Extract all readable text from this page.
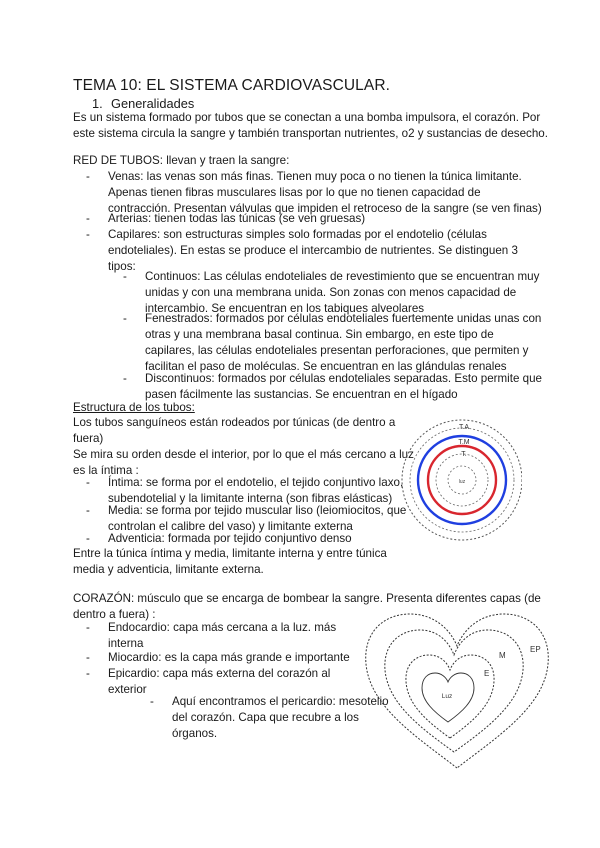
TEMA 10: EL SISTEMA CARDIOVASCULAR.
1. Generalidades
Es un sistema formado por tubos que se conectan a una bomba impulsora, el corazón. Por
este sistema circula la sangre y también transportan nutrientes, o2 y sustancias de desecho.
RED DE TUBOS: llevan y traen la sangre:
- Venas: las venas son más finas. Tienen muy poca o no tienen la túnica limitante.
Apenas tienen fibras musculares lisas por lo que no tienen capacidad de
contracción. Presentan válvulas que impiden el retroceso de la sangre (se ven finas)
- Arterias: tienen todas las túnicas (se ven gruesas)
- Capilares: son estructuras simples solo formadas por el endotelio (células
endoteliales). En estas se produce el intercambio de nutrientes. Se distinguen 3
tipos:
- Continuos: Las células endoteliales de revestimiento que se encuentran muy
unidas y con una membrana unida. Son zonas con menos capacidad de
intercambio. Se encuentran en los tabiques alveolares
- Fenestrados: formados por células endoteliales fuertemente unidas unas con
otras y una membrana basal continua. Sin embargo, en este tipo de
capilares, las células endoteliales presentan perforaciones, que permiten y
facilitan el paso de moléculas. Se encuentran en las glándulas renales
- Discontinuos: formados por células endoteliales separadas. Esto permite que
pasen fácilmente las sustancias. Se encuentran en el hígado
Estructura de los tubos:
Los tubos sanguíneos están rodeados por túnicas (de dentro a
fuera)
Se mira su orden desde el interior, por lo que el más cercano a luz
es la íntima :
- Íntima: se forma por el endotelio, el tejido conjuntivo laxo,
subendotelial y la limitante interna (son fibras elásticas)
- Media: se forma por tejido muscular liso (leiomiocitos, que
controlan el calibre del vaso) y limitante externa
- Adventicia: formada por tejido conjuntivo denso
Entre la túnica íntima y media, limitante interna y entre túnica
media y adventicia, limitante externa.
T.A
T.M
T.
luz
CORAZÓN: músculo que se encarga de bombear la sangre. Presenta diferentes capas (de
dentro a fuera) :
- Endocardio: capa más cercana a la luz. más
interna
- Miocardio: es la capa más grande e importante
- Epicardio: capa más externa del corazón al
exterior
- Aquí encontramos el pericardio: mesotelio
del corazón. Capa que recubre a los
órganos.
EP
M
E
Luz
